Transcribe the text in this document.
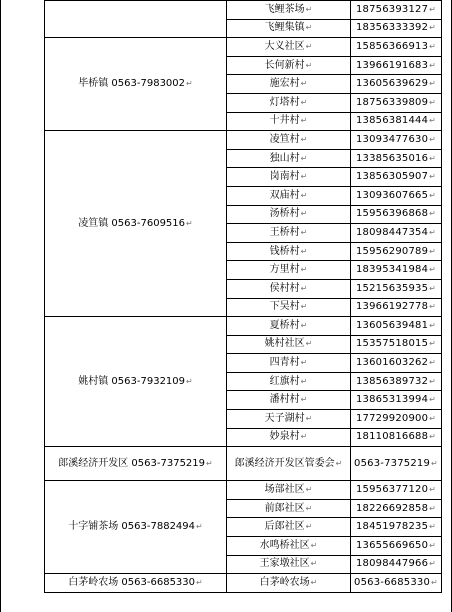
	飞鲤茶场↵	18756393127↵
	飞鲤集镇↵	18356333392↵
毕桥镇 0563-7983002↵	大义社区↵	15856366913↵
	长何新村↵	13966191683↵
	施宏村↵	13605639629↵
	灯塔村↵	18756339809↵
	十井村↵	13856381444↵
凌笪镇 0563-7609516↵	凌笪村↵	13093477630↵
	独山村↵	13385635016↵
	岗南村↵	13856305907↵
	双庙村↵	13093607665↵
	汤桥村↵	15956396868↵
	王桥村↵	18098447354↵
	钱桥村↵	15956290789↵
	方里村↵	18395341984↵
	侯村村↵	15215635935↵
	下吴村↵	13966192778↵
姚村镇 0563-7932109↵	夏桥村↵	13605639481↵
	姚村社区↵	15357518015↵
	四青村↵	13601603262↵
	红旗村↵	13856389732↵
	潘村村↵	13865313994↵
	天子湖村↵	17729920900↵
	妙泉村↵	18110816688↵
郎溪经济开发区 0563-7375219↵	郎溪经济开发区管委会↵	0563-7375219↵
十字铺茶场 0563-7882494↵	场部社区↵	15956377120↵
	前郎社区↵	18226692858↵
	后郎社区↵	18451978235↵
	水鸣桥社区↵	13655669650↵
	王家墩社区↵	18098447966↵
白茅岭农场 0563-6685330↵	白茅岭农场↵	0563-6685330↵
